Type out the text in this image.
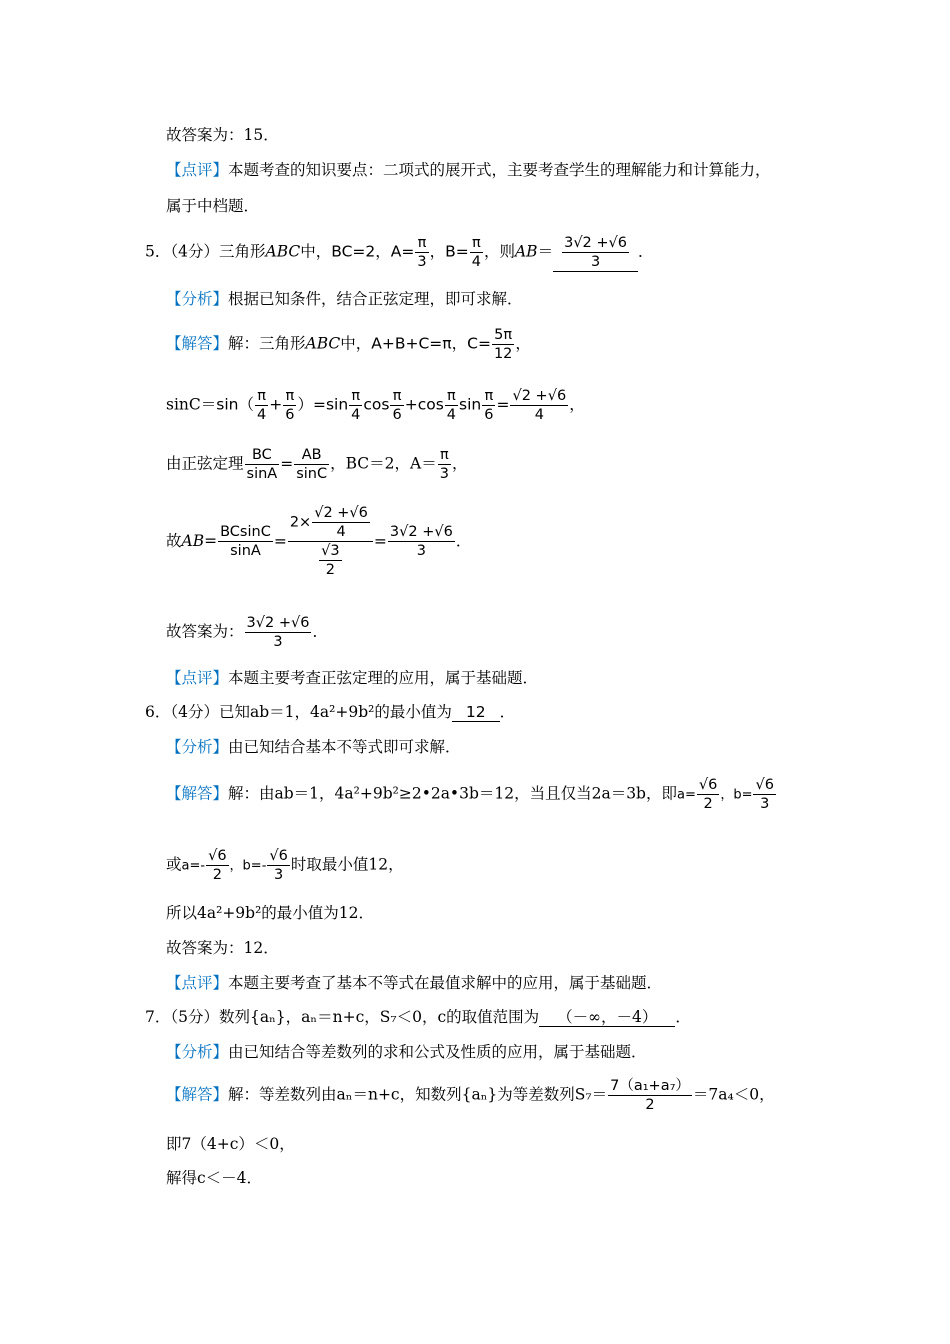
故答案为：15．
【点评】本题考查的知识要点：二项式的展开式，主要考查学生的理解能力和计算能力，
属于中档题．
5．（4分）三角形ABC中，BC=2，$A= \frac{\pi}{3}$ ，$B= \frac{\pi}{4}$ ，则$AB= \frac{3√2 +√6}{3}$ ．
【分析】根据已知条件，结合正弦定理，即可求解．
【解答】解：三角形ABC中，A+B+C=π，$C= \frac{5\pi}{12}$ ，
$\sin C=\sin( \frac{\pi}{4} + \frac{\pi}{6} )=\sin \frac{\pi}{4}$ $\cos \frac{\pi}{6} +\cos \frac{\pi}{4}$ $\sin \frac{\pi}{6} = \frac{√2 +√6}{4}$ ，
由正弦定理 $\frac{BC}{\sin A} = \frac{AB}{\sin C}$ ，BC＝2，$A= \frac{\pi}{3}$ ，
故$AB= \frac{BCsinC}{\sin A} = \frac{2\times \frac{√2 +√6}{4}}{\frac{√3}{2}} = \frac{3√2 +√6}{3}$ ．
故答案为： $\frac{3√2 +√6}{3}$ ．
【点评】本题主要考查正弦定理的应用，属于基础题．
6．（4分）已知ab＝1，4a²+9b²的最小值为 12 ．
【分析】由已知结合基本不等式即可求解．
【解答】解：由ab＝1，4a²+9b²≥2•2a•3b＝12，当且仅当2a＝3b，即$a= \frac{√6}{2}$ ，$b= \frac{√6}{3}$
或$a=- \frac{√6}{2}$ ，$b=- \frac{√6}{3}$ 时取最小值12，
所以4a²+9b²的最小值为12．
故答案为：12．
【点评】本题主要考查了基本不等式在最值求解中的应用，属于基础题．
7．（5分）数列{aₙ}，aₙ＝n+c，S₇＜0，c的取值范围为 （－∞，－4） ．
【分析】由已知结合等差数列的求和公式及性质的应用，属于基础题．
【解答】解：等差数列由aₙ＝n+c，知数列{aₙ}为等差数列$S_7= \frac{\text{7（a₁+a₇）}}{2} =7a_4<0$，
即7（4+c）＜0，
解得c＜－4．
